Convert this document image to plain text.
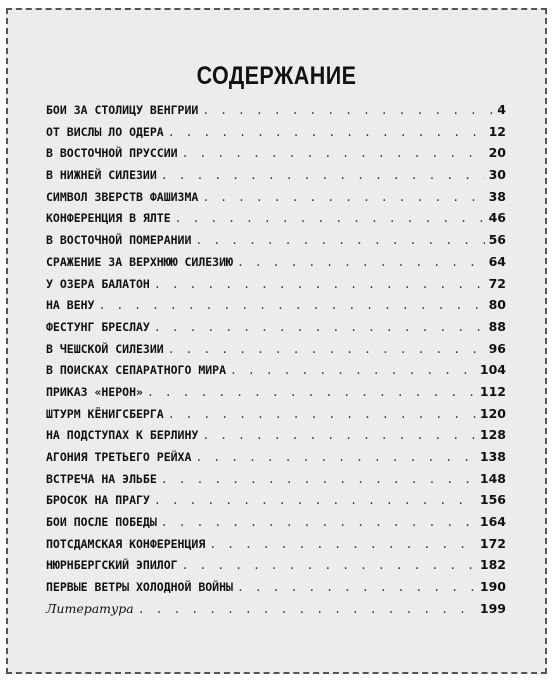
СОДЕРЖАНИЕ
БОИ ЗА СТОЛИЦУ ВЕНГРИИ . . .	4
ОТ ВИСЛЫ ЛО ОДЕРА . . .	12
В ВОСТОЧНОЙ ПРУССИИ . . .	20
В НИЖНЕЙ СИЛЕЗИИ . . .	30
СИМВОЛ ЗВЕРСТВ ФАШИЗМА . . .	38
КОНФЕРЕНЦИЯ В ЯЛТЕ . . .	46
В ВОСТОЧНОЙ ПОМЕРАНИИ . . .	56
СРАЖЕНИЕ ЗА ВЕРХНЮЮ СИЛЕЗИЮ . . .	64
У ОЗЕРА БАЛАТОН . . .	72
НА ВЕНУ . . .	80
ФЕСТУНГ БРЕСЛАУ . . .	88
В ЧЕШСКОЙ СИЛЕЗИИ . . .	96
В ПОИСКАХ СЕПАРАТНОГО МИРА . . .	104
ПРИКАЗ «НЕРОН» . . .	112
ШТУРМ КЁНИГСБЕРГА . . .	120
НА ПОДСТУПАХ К БЕРЛИНУ . . .	128
АГОНИЯ ТРЕТЬЕГО РЕЙХА . . .	138
ВСТРЕЧА НА ЭЛЬБЕ . . .	148
БРОСОК НА ПРАГУ . . .	156
БОИ ПОСЛЕ ПОБЕДЫ . . .	164
ПОТСДАМСКАЯ КОНФЕРЕНЦИЯ . . .	172
НЮРНБЕРГСКИЙ ЭПИЛОГ . . .	182
ПЕРВЫЕ ВЕТРЫ ХОЛОДНОЙ ВОЙНЫ . . .	190
Литература . . .	199
